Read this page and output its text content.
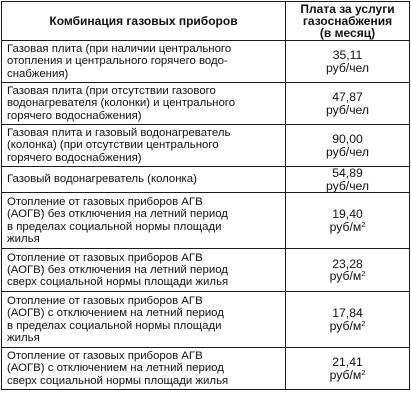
Комбинация газовых приборов	Плата за услуги
газоснабжения
(в месяц)

Газовая плита (при наличии центрального
отопления и центрального горячего водо-
снабжения)	35,11
руб/чел

Газовая плита (при отсутствии газового
водонагревателя (колонки) и центрального
горячего водоснабжения)	47,87
руб/чел

Газовая плита и газовый водонагреватель
(колонка) (при отсутствии центрального
горячего водоснабжения)	90,00
руб/чел

Газовый водонагреватель (колонка)	54,89
руб/чел

Отопление от газовых приборов АГВ
(АОГВ) без отключения на летний период
в пределах социальной нормы площади
жилья	19,40
руб/$м^2$

Отопление от газовых приборов АГВ
(АОГВ) без отключения на летний период
сверх социальной нормы площади жилья	23,28
руб/$м^2$

Отопление от газовых приборов АГВ
(АОГВ) с отключением на летний период
в пределах социальной нормы площади
жилья	17,84
руб/$м^2$

Отопление от газовых приборов АГВ
(АОГВ) с отключением на летний период
сверх социальной нормы площади жилья	21,41
руб/$м^2$
